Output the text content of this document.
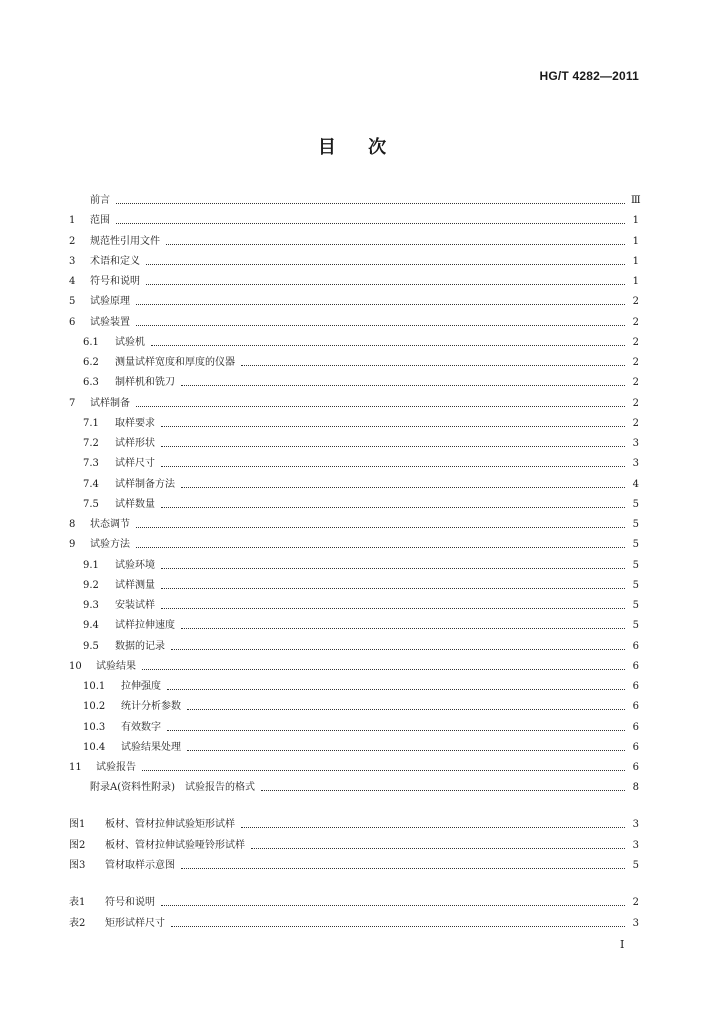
HG/T 4282—2011
目 次
前言	Ⅲ
1	范围	1
2	规范性引用文件	1
3	术语和定义	1
4	符号和说明	1
5	试验原理	2
6	试验装置	2
6.1	试验机	2
6.2	测量试样宽度和厚度的仪器	2
6.3	制样机和铣刀	2
7	试样制备	2
7.1	取样要求	2
7.2	试样形状	3
7.3	试样尺寸	3
7.4	试样制备方法	4
7.5	试样数量	5
8	状态调节	5
9	试验方法	5
9.1	试验环境	5
9.2	试样测量	5
9.3	安装试样	5
9.4	试样拉伸速度	5
9.5	数据的记录	6
10	试验结果	6
10.1	拉伸强度	6
10.2	统计分析参数	6
10.3	有效数字	6
10.4	试验结果处理	6
11	试验报告	6
附录A(资料性附录)　试验报告的格式	8
图1	板材、管材拉伸试验矩形试样	3
图2	板材、管材拉伸试验哑铃形试样	3
图3	管材取样示意图	5
表1	符号和说明	2
表2	矩形试样尺寸	3
I
